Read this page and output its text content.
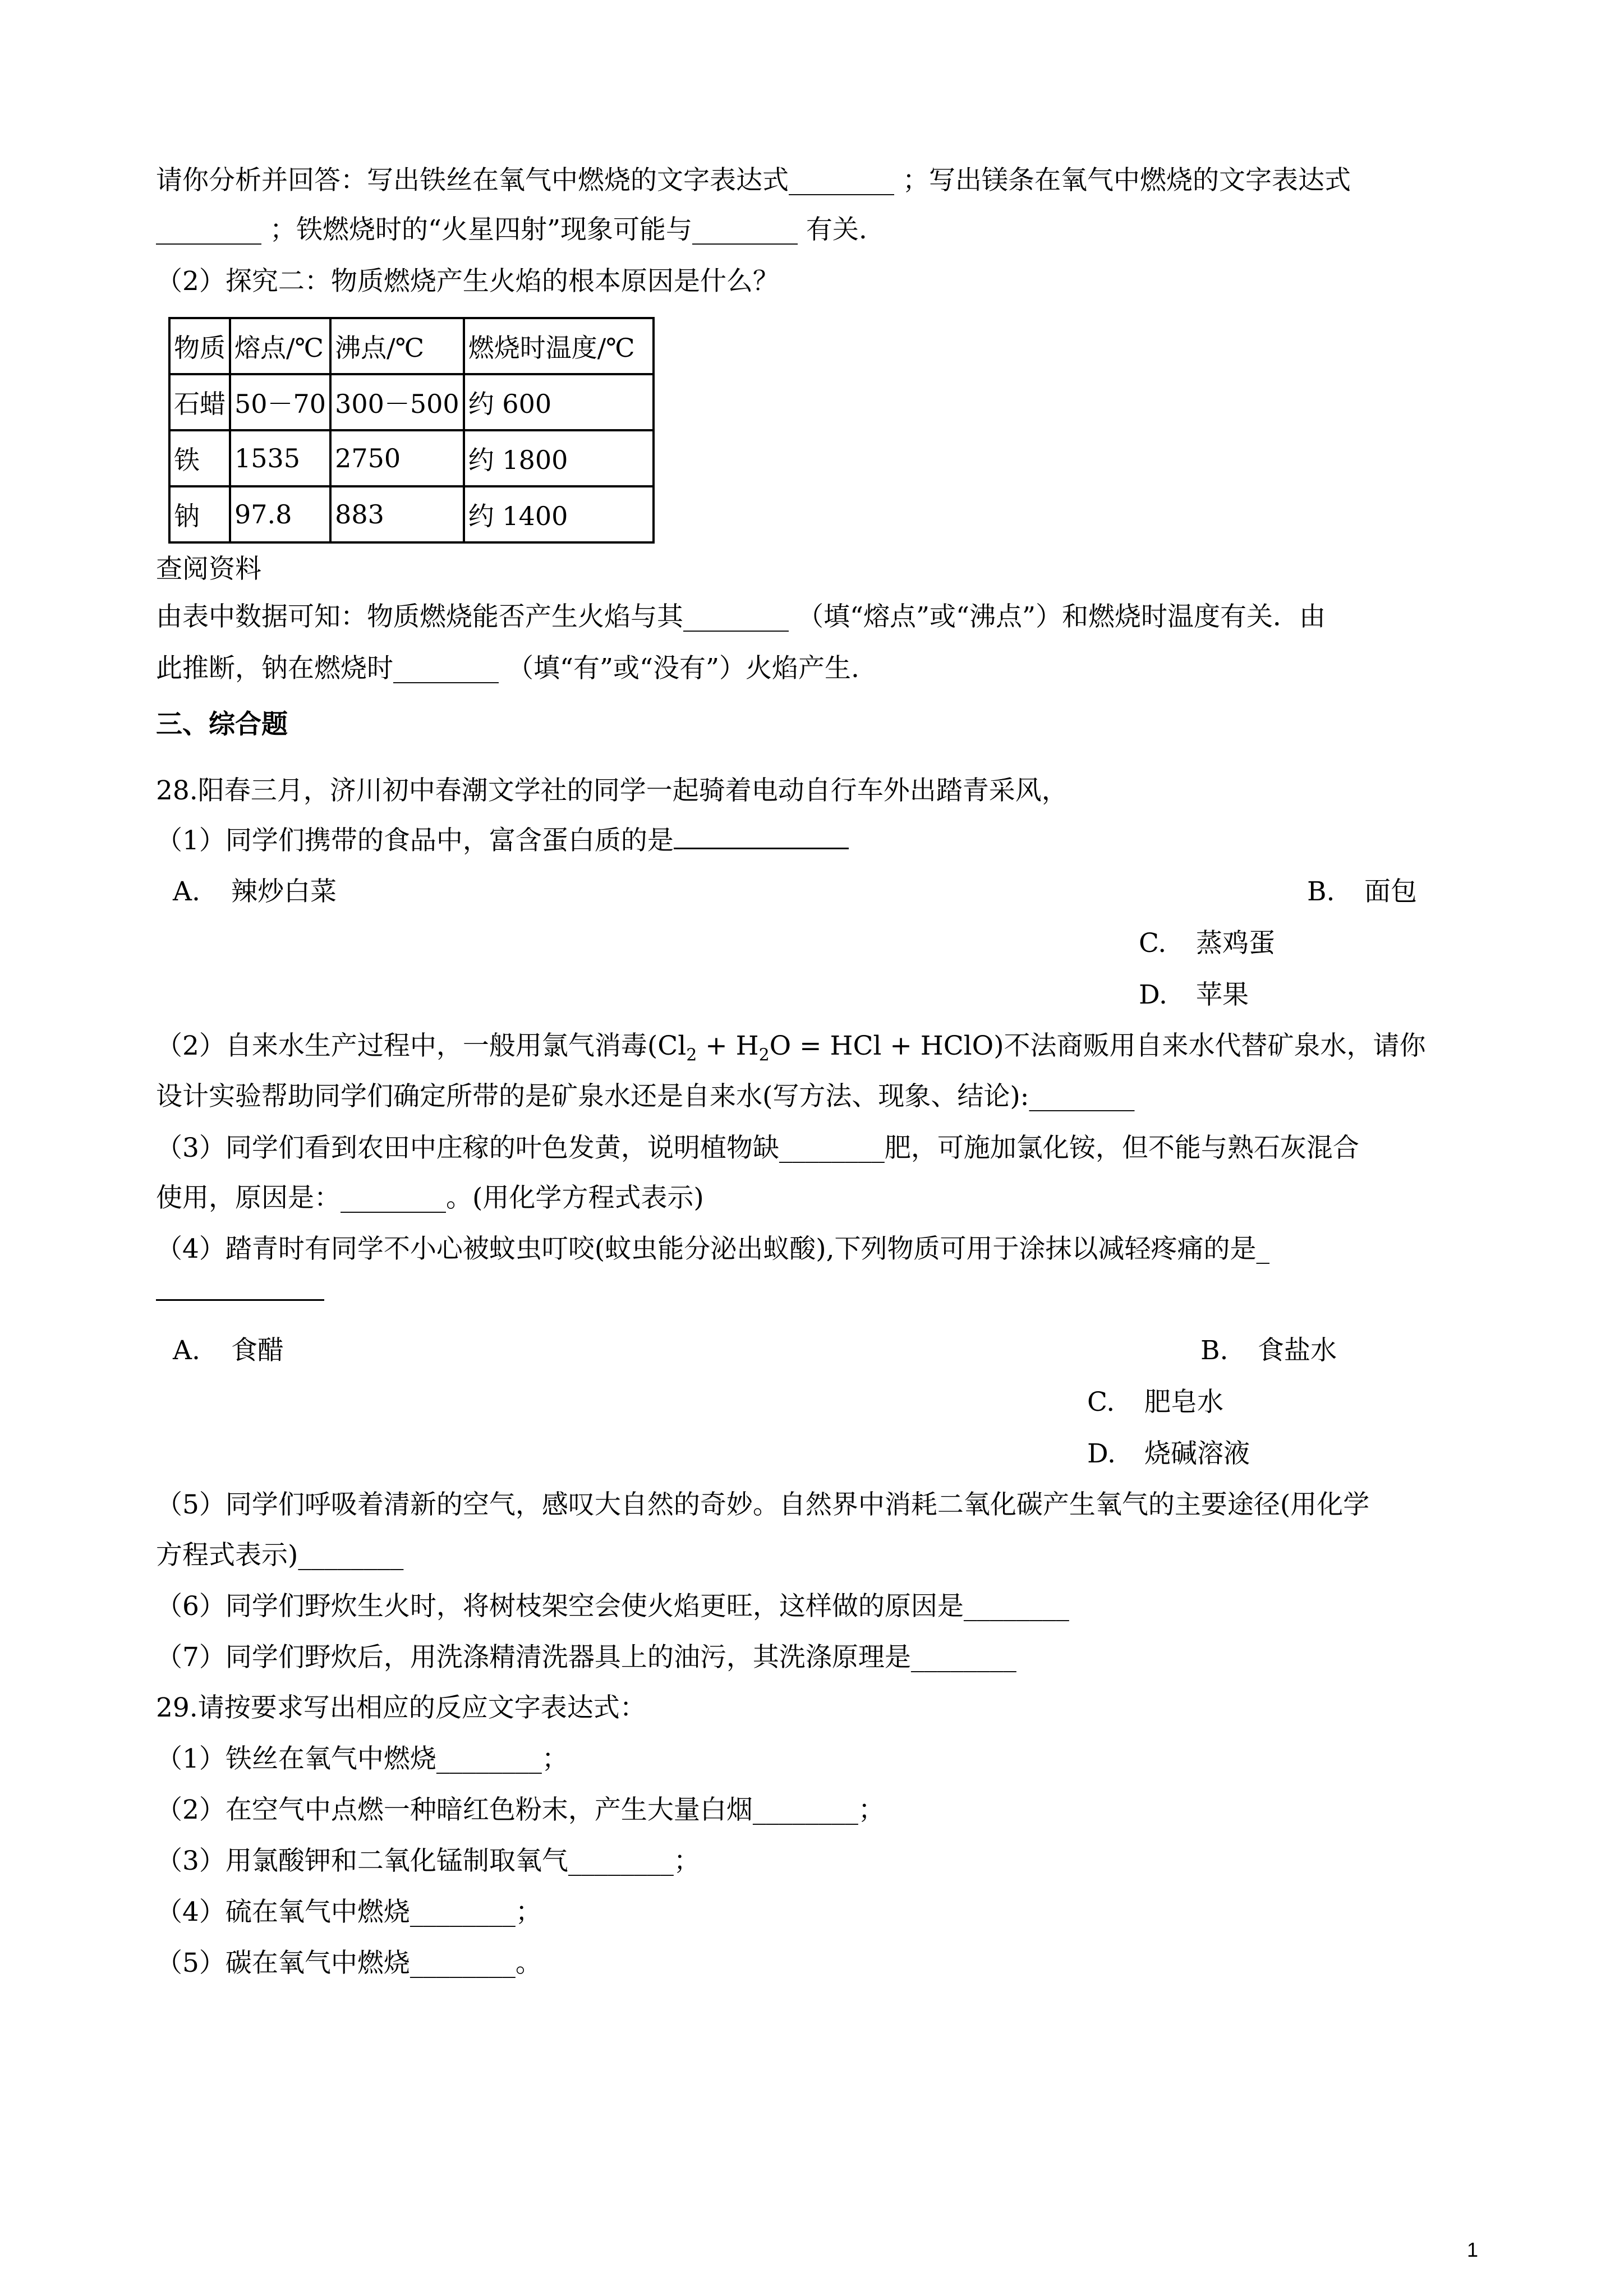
请你分析并回答：写出铁丝在氧气中燃烧的文字表达式________ ；写出镁条在氧气中燃烧的文字表达式
________ ；铁燃烧时的“火星四射”现象可能与________ 有关.
（2）探究二：物质燃烧产生火焰的根本原因是什么？
物质	熔点/℃	沸点/℃	燃烧时温度/℃
石蜡	50－70	300－500	约 600
铁	1535	2750	约 1800
钠	97.8	883	约 1400
查阅资料
由表中数据可知：物质燃烧能否产生火焰与其________ （填“熔点”或“沸点”）和燃烧时温度有关．由
此推断，钠在燃烧时________ （填“有”或“没有”）火焰产生.
三、综合题
28.阳春三月，济川初中春潮文学社的同学一起骑着电动自行车外出踏青采风，
（1）同学们携带的食品中，富含蛋白质的是
A. 辣炒白菜	B. 面包
C. 蒸鸡蛋
D. 苹果
（2）自来水生产过程中，一般用氯气消毒($Cl_2 + H_2O$ = HCl + HClO)不法商贩用自来水代替矿泉水，请你
设计实验帮助同学们确定所带的是矿泉水还是自来水(写方法、现象、结论):________
（3）同学们看到农田中庄稼的叶色发黄，说明植物缺________肥，可施加氯化铵，但不能与熟石灰混合
使用，原因是：________。(用化学方程式表示)
（4）踏青时有同学不小心被蚊虫叮咬(蚊虫能分泌出蚁酸),下列物质可用于涂抹以减轻疼痛的是_
A. 食醋	B. 食盐水
C. 肥皂水
D. 烧碱溶液
（5）同学们呼吸着清新的空气，感叹大自然的奇妙。自然界中消耗二氧化碳产生氧气的主要途径(用化学
方程式表示)________
（6）同学们野炊生火时，将树枝架空会使火焰更旺，这样做的原因是________
（7）同学们野炊后，用洗涤精清洗器具上的油污，其洗涤原理是________
29.请按要求写出相应的反应文字表达式：
（1）铁丝在氧气中燃烧________；
（2）在空气中点燃一种暗红色粉末，产生大量白烟________；
（3）用氯酸钾和二氧化锰制取氧气________；
（4）硫在氧气中燃烧________；
（5）碳在氧气中燃烧________。
1
